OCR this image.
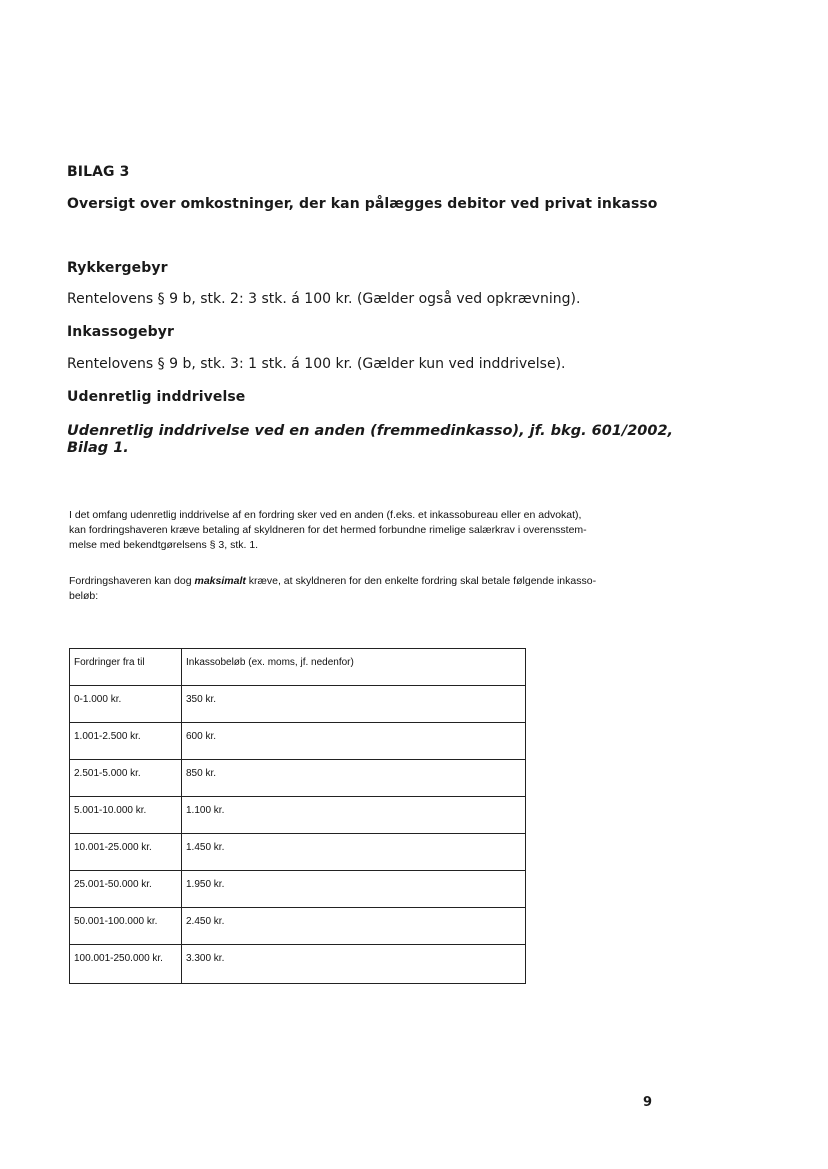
BILAG 3
Oversigt over omkostninger, der kan pålægges debitor ved privat inkasso
Rykkergebyr
Rentelovens § 9 b, stk. 2: 3 stk. á 100 kr. (Gælder også ved opkrævning).
Inkassogebyr
Rentelovens § 9 b, stk. 3: 1 stk. á 100 kr. (Gælder kun ved inddrivelse).
Udenretlig inddrivelse
Udenretlig inddrivelse ved en anden (fremmedinkasso), jf. bkg. 601/2002,
Bilag 1.
I det omfang udenretlig inddrivelse af en fordring sker ved en anden (f.eks. et inkassobureau eller en advokat),
kan fordringshaveren kræve betaling af skyldneren for det hermed forbundne rimelige salærkrav i overensstem-
melse med bekendtgørelsens § 3, stk. 1.
Fordringshaveren kan dog maksimalt kræve, at skyldneren for den enkelte fordring skal betale følgende inkasso-
beløb:
Fordringer fra til	Inkassobeløb (ex. moms, jf. nedenfor)
0-1.000 kr.	350 kr.
1.001-2.500 kr.	600 kr.
2.501-5.000 kr.	850 kr.
5.001-10.000 kr.	1.100 kr.
10.001-25.000 kr.	1.450 kr.
25.001-50.000 kr.	1.950 kr.
50.001-100.000 kr.	2.450 kr.
100.001-250.000 kr.	3.300 kr.
9
